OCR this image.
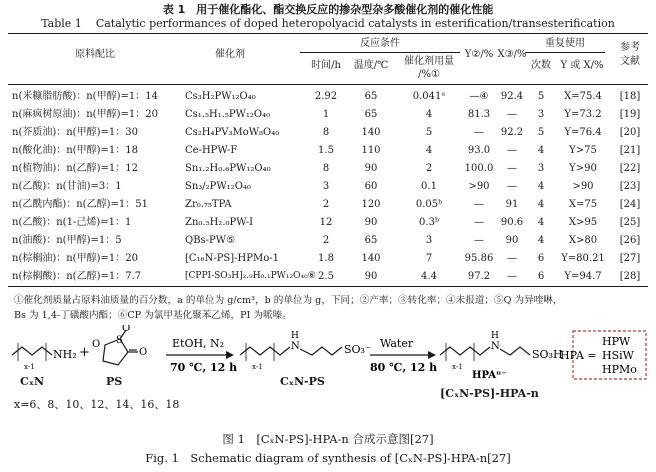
表 1　用于催化酯化、酯交换反应的掺杂型杂多酸催化剂的催化性能
Table 1 Catalytic performances of doped heteropolyacid catalysts in esterification/transesterification
原料配比	催化剂
反应条件
时间/h	温度/℃	催化剂用量
/%①
Y②/% X③/%
重复使用
次数 Y 或 X/%
参考
文献
n(米糠脂肪酸)：n(甲醇)=1：14	Cs₃H₂PW₁₂O₄₀	2.92	65	0.041ᵃ	—④	92.4	5	X=75.4	[18]
n(麻疯树原油)：n(甲醇)=1：20	Cs₁.₅H₁.₅PW₁₂O₄₀	1	65	4	81.3	—	3	Y=73.2	[19]
n(芥质油)：n(甲醇)=1：30	Cs₂H₄PV₃MoW₈O₄₀	8	140	5	—	92.2	5	Y=76.4	[20]
n(酸化油)：n(甲醇)=1：18	Ce-HPW-F	1.5	110	4	93.0	—	4	Y>75	[21]
n(植物油)：n(乙醇)=1：12	Sn₁.₂H₀.₆PW₁₂O₄₀	8	90	2	100.0	—	3	Y>90	[22]
n(乙酸)：n(甘油)=3：1	Sn₃/₂PW₁₂O₄₀	3	60	0.1	>90	—	4	>90	[23]
n(乙酰内酯)：n(乙醇)=1：51	Zr₀.₇₅TPA	2	120	0.05ᵇ	—	91	4	X=75	[24]
n(乙酸)：n(1-己烯)=1：1	Zn₀.₅H₂.₀PW-I	12	90	0.3ᵇ	—	90.6	4	X>95	[25]
n(油酸)：n(甲醇)=1：5	QBs-PW⑤	2	65	3	—	90	4	X>80	[26]
n(棕榈油)：n(甲醇)=1：20	[C₁₆N-PS]-HPMo-1	1.8	140	7	95.86	—	6	Y=80.21	[27]
n(棕榈酸)：n(乙醇)=1：7.7	[CPPI-SO₃H]₂.₉H₀.₁PW₁₂O₄₀⑥ 2.5	90	4.4	97.2	—	6	Y=94.7	[28]
①催化剂质量占原料油质量的百分数，a 的单位为 g/cm³，b 的单位为 g，下同；②产率；③转化率；④未报道；⑤Q 为异喹啉，
Bs 为 1,4-丁磺酸内酯；⑥CP 为氯甲基化聚苯乙烯，PI 为哌嗪。
x-1
NH₂ +
S
O
O
O	EtOH, N₂
70 ℃, 12 h x-1
H
N	SO₃⁻ Water
80 ℃, 12 h x-1
H
N
SO₃H
HPAⁿ⁻
HPA =
HPW
HSiW
HPMo
CₓN	PS	CₓN-PS
[CₓN-PS]-HPA-n
x=6、8、10、12、14、16、18
图 1　[CₓN-PS]-HPA-n 合成示意图[27]
Fig. 1　Schematic diagram of synthesis of [CₓN-PS]-HPA-n[27]
